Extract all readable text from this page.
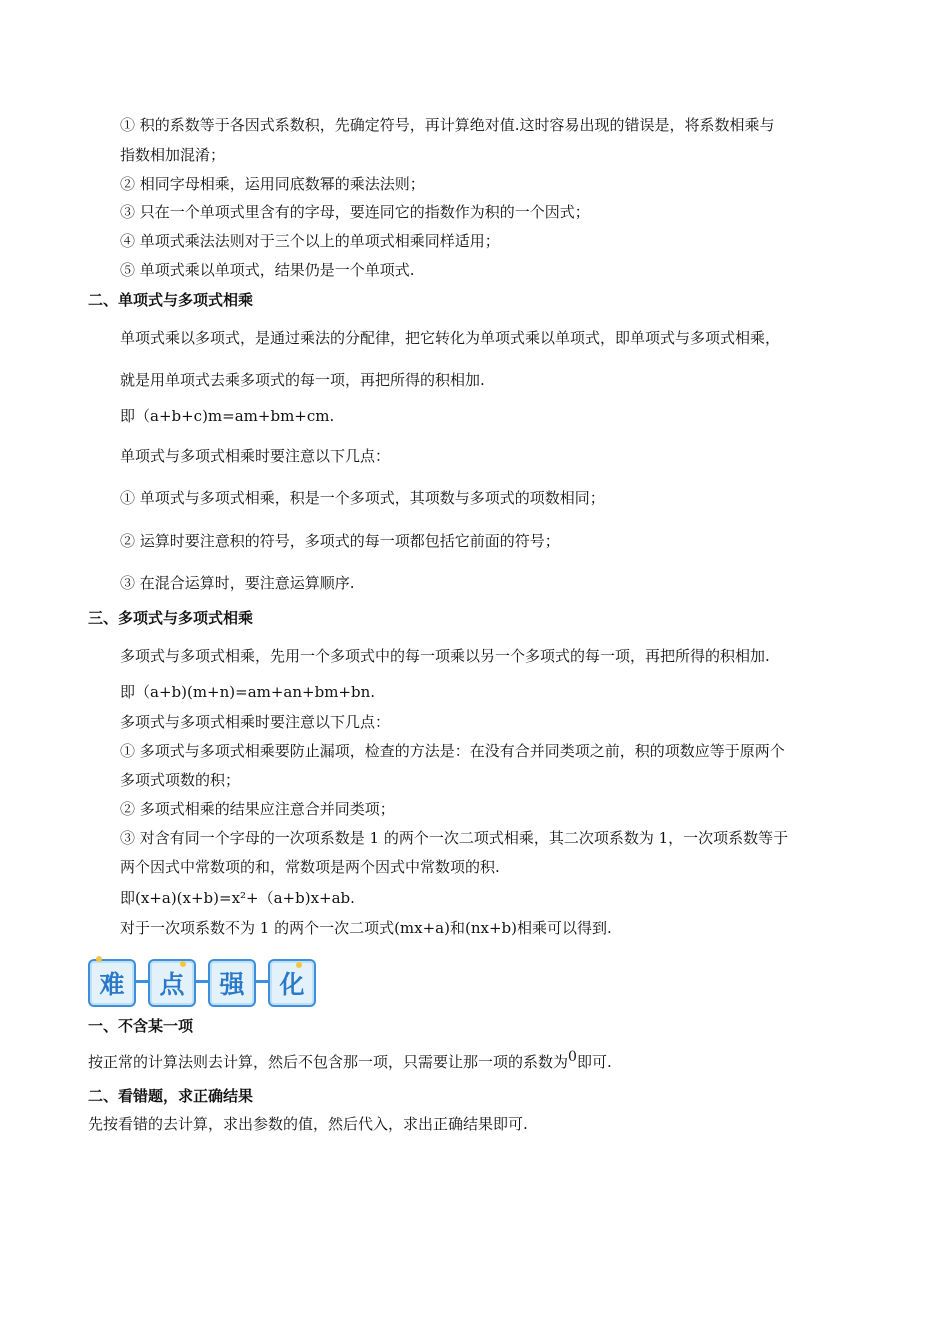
① 积的系数等于各因式系数积，先确定符号，再计算绝对值.这时容易出现的错误是，将系数相乘与
指数相加混淆；
② 相同字母相乘，运用同底数幂的乘法法则；
③ 只在一个单项式里含有的字母，要连同它的指数作为积的一个因式；
④ 单项式乘法法则对于三个以上的单项式相乘同样适用；
⑤ 单项式乘以单项式，结果仍是一个单项式.
二、单项式与多项式相乘
单项式乘以多项式，是通过乘法的分配律，把它转化为单项式乘以单项式，即单项式与多项式相乘，
就是用单项式去乘多项式的每一项，再把所得的积相加.
即（a+b+c)m=am+bm+cm.
单项式与多项式相乘时要注意以下几点：
① 单项式与多项式相乘，积是一个多项式，其项数与多项式的项数相同；
② 运算时要注意积的符号，多项式的每一项都包括它前面的符号；
③ 在混合运算时，要注意运算顺序.
三、多项式与多项式相乘
多项式与多项式相乘，先用一个多项式中的每一项乘以另一个多项式的每一项，再把所得的积相加.
即（a+b)(m+n)=am+an+bm+bn.
多项式与多项式相乘时要注意以下几点：
① 多项式与多项式相乘要防止漏项，检查的方法是：在没有合并同类项之前，积的项数应等于原两个
多项式项数的积；
② 多项式相乘的结果应注意合并同类项；
③ 对含有同一个字母的一次项系数是 1 的两个一次二项式相乘，其二次项系数为 1，一次项系数等于
两个因式中常数项的和，常数项是两个因式中常数项的积.
即(x+a)(x+b)=x²+（a+b)x+ab.
对于一次项系数不为 1 的两个一次二项式(mx+a)和(nx+b)相乘可以得到.
难	点	强	化
一、不含某一项
按正常的计算法则去计算，然后不包含那一项，只需要让那一项的系数为0即可.
二、看错题，求正确结果
先按看错的去计算，求出参数的值，然后代入，求出正确结果即可.
